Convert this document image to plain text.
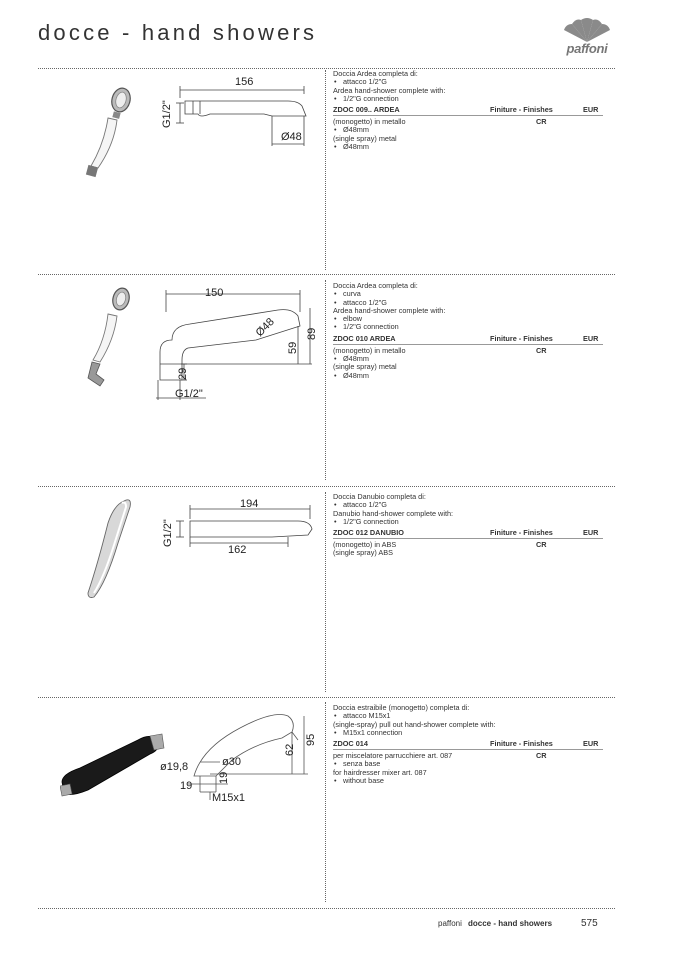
docce - hand showers
paffoni
156
G1/2"
Ø48
Doccia Ardea completa di:
• attacco 1/2"G
Ardea hand-shower complete with:
• 1/2"G connection
ZDOC 009.. ARDEA	Finiture - Finishes	EUR
(monogetto) in metallo	CR
• Ø48mm
(single spray) metal
• Ø48mm
150
Ø48
59
89
29
G1/2"
Doccia Ardea completa di:
• curva
• attacco 1/2"G
Ardea hand-shower complete with:
• elbow
• 1/2"G connection
ZDOC 010 ARDEA	Finiture - Finishes	EUR
(monogetto) in metallo	CR
• Ø48mm
(single spray) metal
• Ø48mm
194
G1/2"
162
Doccia Danubio completa di:
• attacco 1/2"G
Danubio hand-shower complete with:
• 1/2"G connection
ZDOC 012 DANUBIO	Finiture - Finishes	EUR
(monogetto) in ABS	CR
(single spray) ABS
ø19,8	ø30
19
19
M15x1
62
95
Doccia estraibile (monogetto) completa di:
• attacco M15x1
(single-spray) pull out hand-shower complete with:
• M15x1 connection
ZDOC 014	Finiture - Finishes	EUR
per miscelatore parrucchiere art. 087	CR
• senza base
for hairdresser mixer art. 087
• without base
paffoni docce - hand showers	575
